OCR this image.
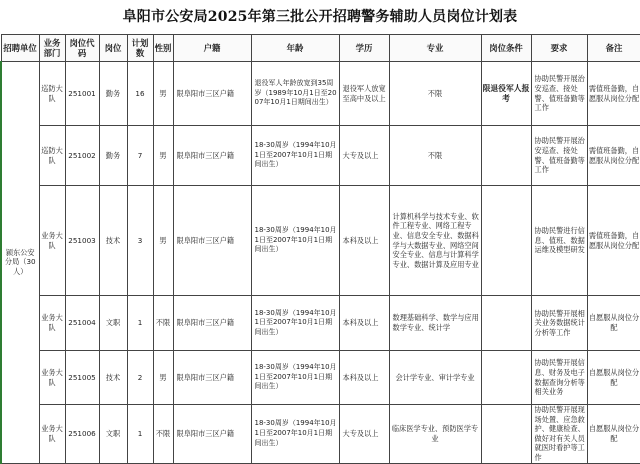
阜阳市公安局2025年第三批公开招聘警务辅助人员岗位计划表
招聘单位	业务部门	岗位代码	岗位	计划数	性别	户籍	年龄	学历	专业	岗位条件	要求	备注
颍东公安分局（30人）	巡防大队	251001	勤务	16	男	限阜阳市三区户籍	退役军人年龄放宽到35周岁（1989年10月1日至2007年10月1日期间出生）	退役军人放宽至高中及以上	不限	限退役军人报考	协助民警开展治安巡查、接处警、值班备勤等工作	需值班备勤，自愿服从岗位分配
	巡防大队	251002	勤务	7	男	限阜阳市三区户籍	18-30周岁（1994年10月1日至2007年10月1日期间出生）	大专及以上	不限		协助民警开展治安巡查、接处警、值班备勤等工作	需值班备勤，自愿服从岗位分配
	业务大队	251003	技术	3	男	限阜阳市三区户籍	18-30周岁（1994年10月1日至2007年10月1日期间出生）	本科及以上	计算机科学与技术专业、软件工程专业、网络工程专业、信息安全专业、数据科学与大数据专业、网络空间安全专业、信息与计算科学专业、数据计算及应用专业		协助民警进行信息、值班、数据运维及模型研发	需值班备勤，自愿服从岗位分配
	业务大队	251004	文职	1	不限	限阜阳市三区户籍	18-30周岁（1994年10月1日至2007年10月1日期间出生）	本科及以上	数理基础科学、数学与应用数学专业、统计学		协助民警开展相关业务数据统计分析等工作	自愿服从岗位分配
	业务大队	251005	技术	2	男	限阜阳市三区户籍	18-30周岁（1994年10月1日至2007年10月1日期间出生）	本科及以上	会计学专业、审计学专业		协助民警开展信息、财务及电子数据查询分析等相关业务	自愿服从岗位分配
	业务大队	251006	文职	1	不限	限阜阳市三区户籍	18-30周岁（1994年10月1日至2007年10月1日期间出生）	大专及以上	临床医学专业、预防医学专业		协助民警开展现场处置、应急救护、健康检查、做好对有关人员就医时看护等工作	自愿服从岗位分配
